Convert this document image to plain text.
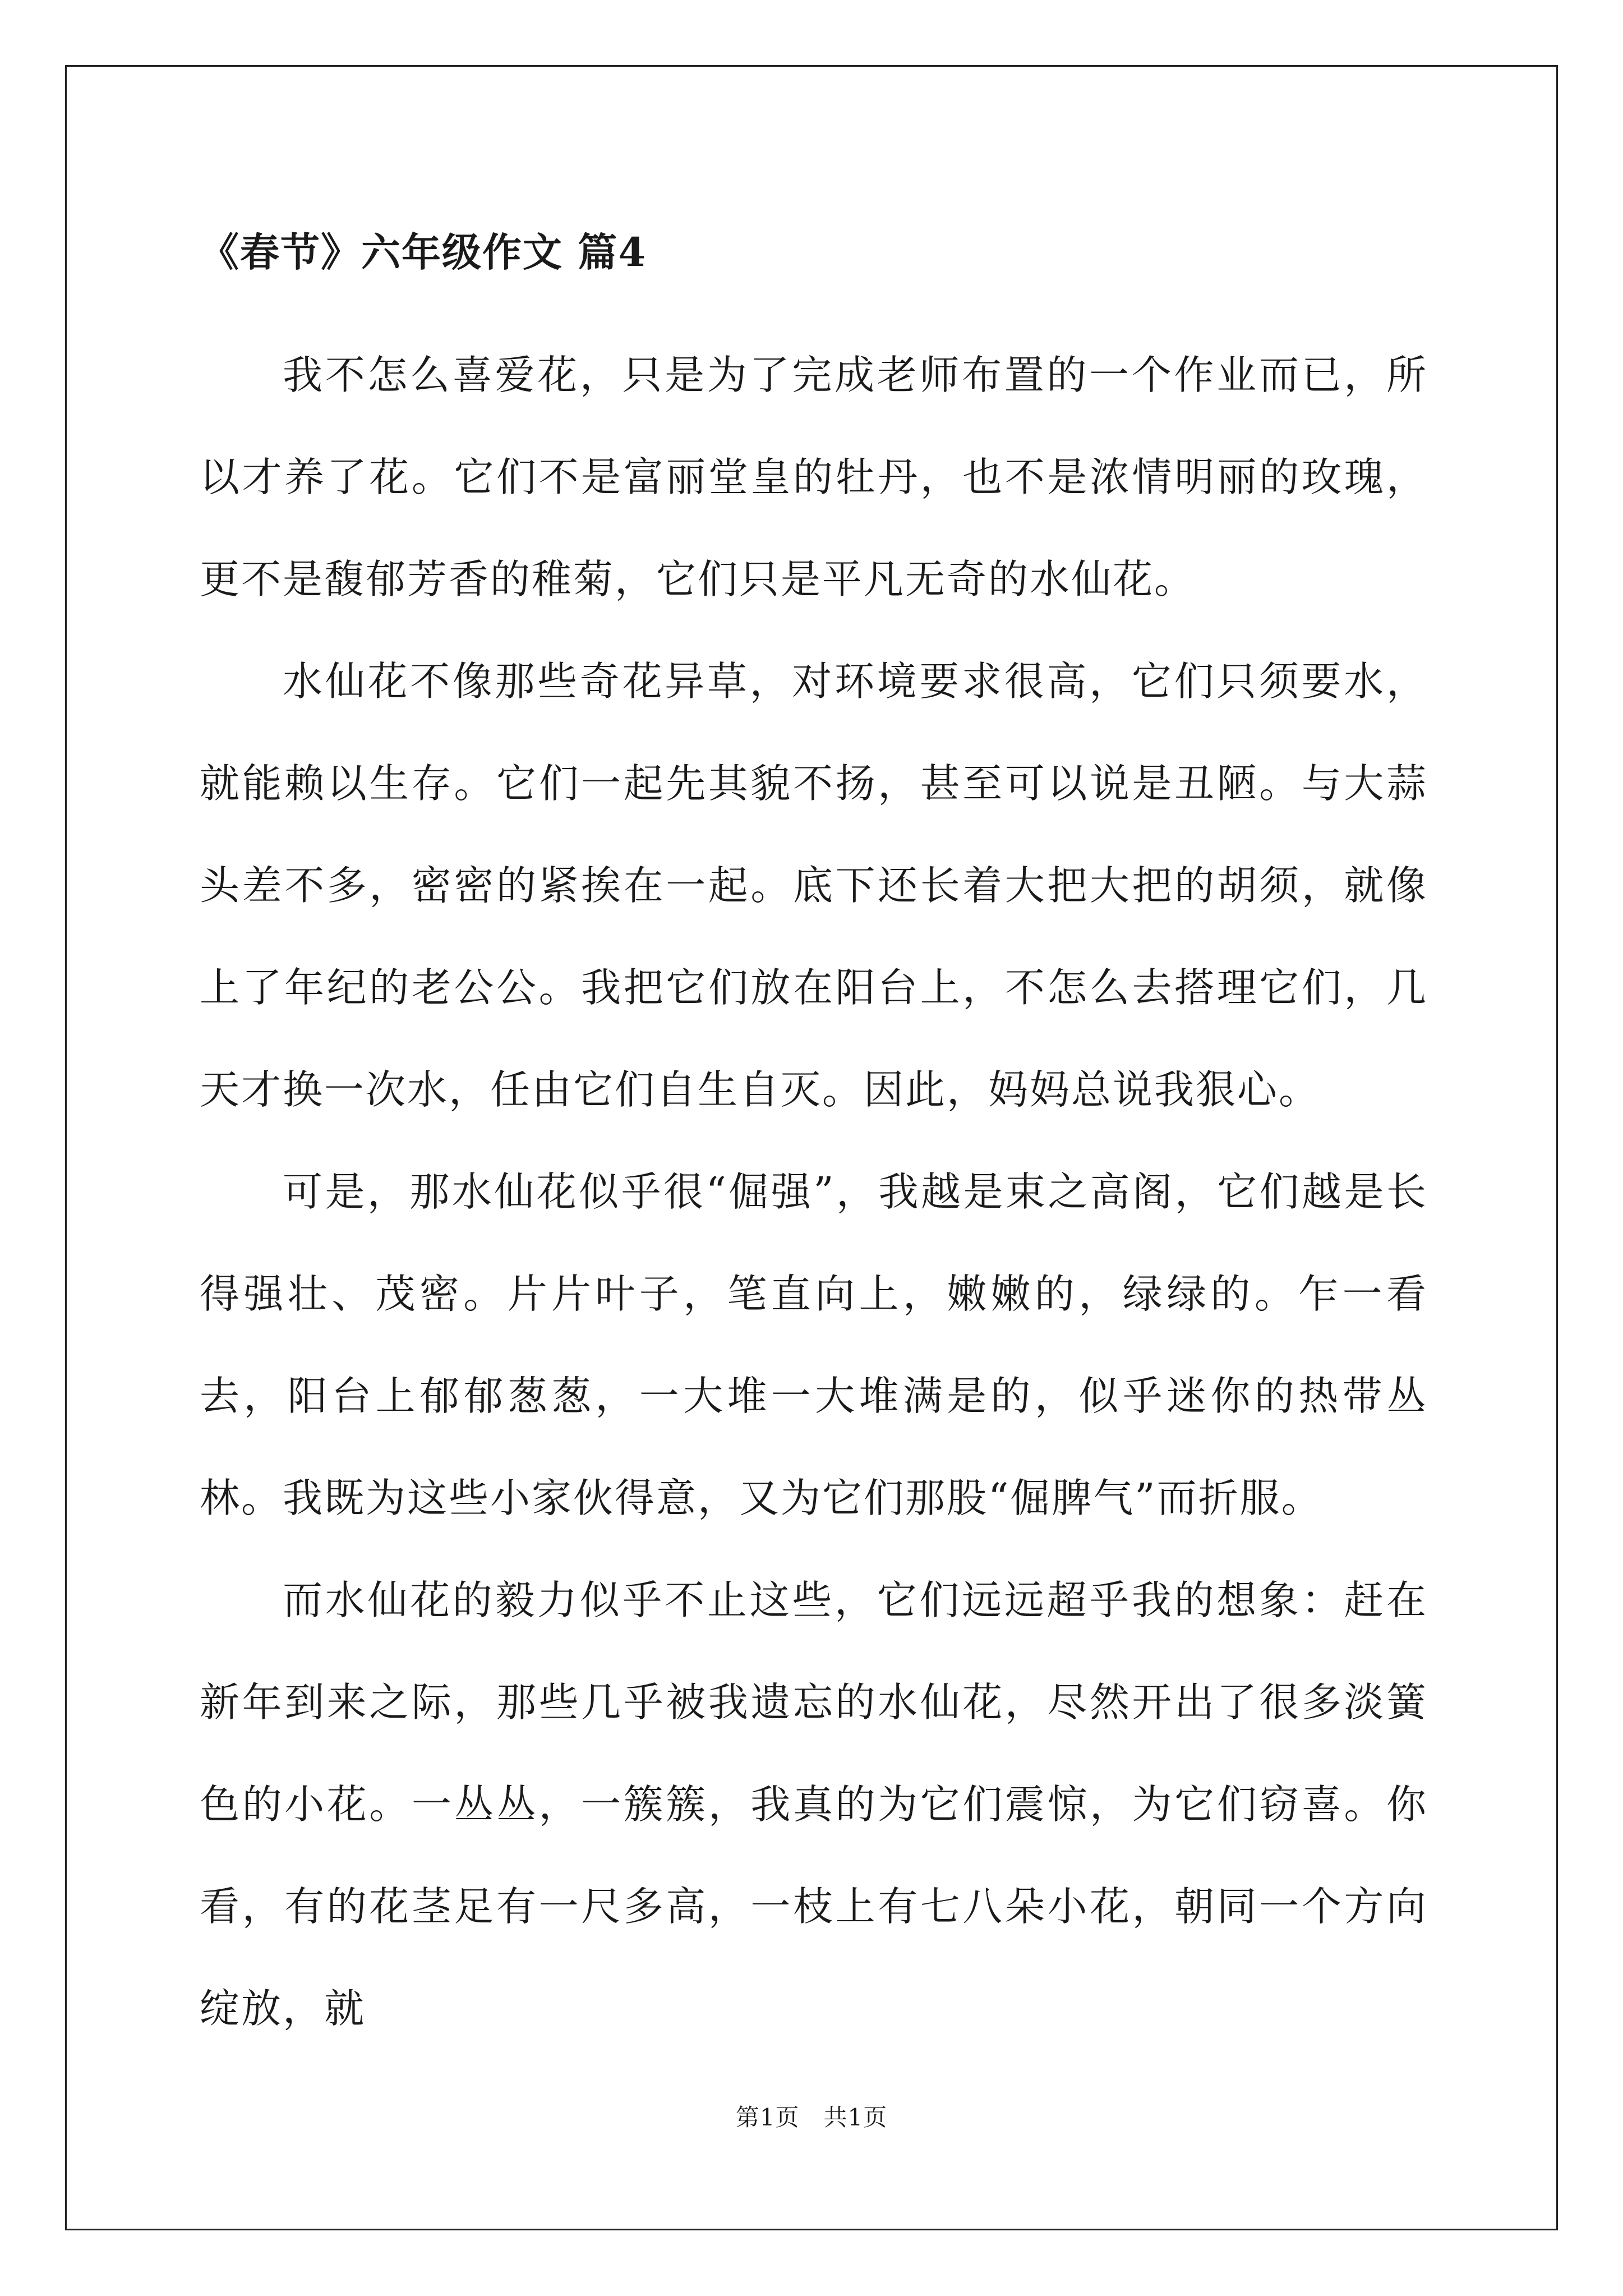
《春节》六年级作文 篇4

我不怎么喜爱花，只是为了完成老师布置的一个作业而已，所以才养了花。它们不是富丽堂皇的牡丹，也不是浓情明丽的玫瑰，更不是馥郁芳香的稚菊，它们只是平凡无奇的水仙花。

水仙花不像那些奇花异草，对环境要求很高，它们只须要水，就能赖以生存。它们一起先其貌不扬，甚至可以说是丑陋。与大蒜头差不多，密密的紧挨在一起。底下还长着大把大把的胡须，就像上了年纪的老公公。我把它们放在阳台上，不怎么去搭理它们，几天才换一次水，任由它们自生自灭。因此，妈妈总说我狠心。

可是，那水仙花似乎很“倔强”，我越是束之高阁，它们越是长得强壮、茂密。片片叶子，笔直向上，嫩嫩的，绿绿的。乍一看去，阳台上郁郁葱葱，一大堆一大堆满是的，似乎迷你的热带丛林。我既为这些小家伙得意，又为它们那股“倔脾气”而折服。

而水仙花的毅力似乎不止这些，它们远远超乎我的想象：赶在新年到来之际，那些几乎被我遗忘的水仙花，尽然开出了很多淡簧色的小花。一丛丛，一簇簇，我真的为它们震惊，为它们窃喜。你看，有的花茎足有一尺多高，一枝上有七八朵小花，朝同一个方向绽放，就

第1页   共1页
